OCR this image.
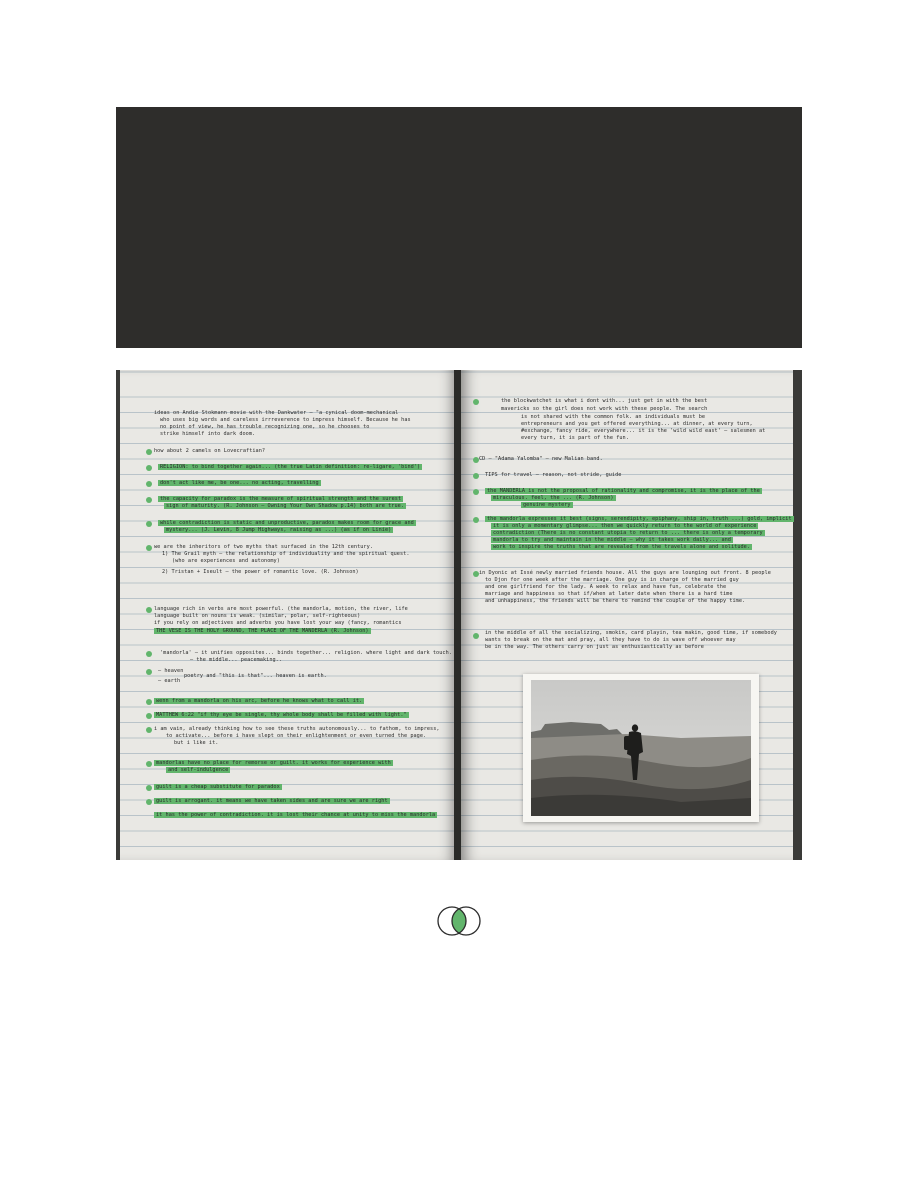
ideas on Andie Stokmann movie with the Dankwater — "a cynical doom-mechanical
who uses big words and careless irrreverence to impress himself. Because he has
no point of view, he has trouble recognizing one, so he chooses to
strike himself into dark doom.
how about 2 camels on Lovecraftian?
RELIGION: to bind together again... (the true Latin definition: re-ligare, 'bind')
don't act like me, be one... no acting, travelling
the capacity for paradox is the measure of spiritual strength and the surest
sign of maturity. (R. Johnson — Owning Your Own Shadow p.14) both are true.
while contradiction is static and unproductive, paradox makes room for grace and
mystery... (J. Levin, 8 Jump Highways, raising as ...) (as if on Linie)
we are the inheritors of two myths that surfaced in the 12th century.
1) The Grail myth — the relationship of individuality and the spiritual quest.
(who are experiences and autonomy)
2) Tristan + Iseult — the power of romantic love. (R. Johnson)
language rich in verbs are most powerful. (the mandorla, motion, the river, life
language built on nouns is weak. (similar, polar, self-righteous)
if you rely on adjectives and adverbs you have lost your way (fancy, romantics
THE VESE IS THE HOLY GROUND, THE PLACE OF THE MANDERLA (R. Johnson)
'mandorla' — it unifies opposites... binds together... religion. where light and dark touch.
— the middle... peacemaking..
— heaven
poetry and "this is that"... heaven is earth.
— earth
wenn from a mandorla on his arc, before he knows what to call it.
MATTHEW 6:22 "if thy eye be single, thy whole body shall be filled with light."
i am vain, already thinking how to see these truths autonomously... to fathom, to impress,
to activate... before i have slept on their enlightenment or even turned the page.
but i like it.
mandorlas have no place for remorse or guilt. it works for experience with
and self-indulgence
guilt is a cheap substitute for paradox
guilt is arrogant. it means we have taken sides and are sure we are right
it has the power of contradiction. it is lost their chance at unity to miss the mandorla
the blockwatchet is what i dont with... just get in with the best
mavericks so the girl does not work with these people. The search
is not shared with the common folk. an individuals must be
entrepreneurs and you get offered everything... at dinner, at every turn,
#exchange, fancy ride, everywhere... it is the 'wild wild east' — salesmen at
every turn, it is part of the fun.
CD — "Adama Yalomba" — new Malian band.
TIPS for travel — reason, not stride, guide
the MANDERLA is not the proposal of rationality and compromise, it is the place of the
miraculous. feel, the ... (R. Johnson)
genuine mystery
the mandorla expresses it best (signs, serendipity, epiphany, ship in, truth ...) gold, implicit
it is only a momentary glimpse... then we quickly return to the world of experience
contradiction (There is no constant utopia to return to ... there is only a temporary
mandorla to try and maintain in the middle — why it takes work daily... and
work to inspire the truths that are revealed from the travels alone and solitude.
in Dyonic at Issé newly married friends house. All the guys are lounging out front. 8 people
to Djon for one week after the marriage. One guy is in charge of the married guy
and one girlfriend for the lady. A week to relax and have fun, celebrate the
marriage and happiness so that if/when at later date when there is a hard time
and unhappiness, the friends will be there to remind the couple of the happy time.
in the middle of all the socializing, smokin, card playin, tea makin, good time, if somebody
wants to break on the mat and pray, all they have to do is wave off whoever may
be in the way. The others carry on just as enthusiastically as before
